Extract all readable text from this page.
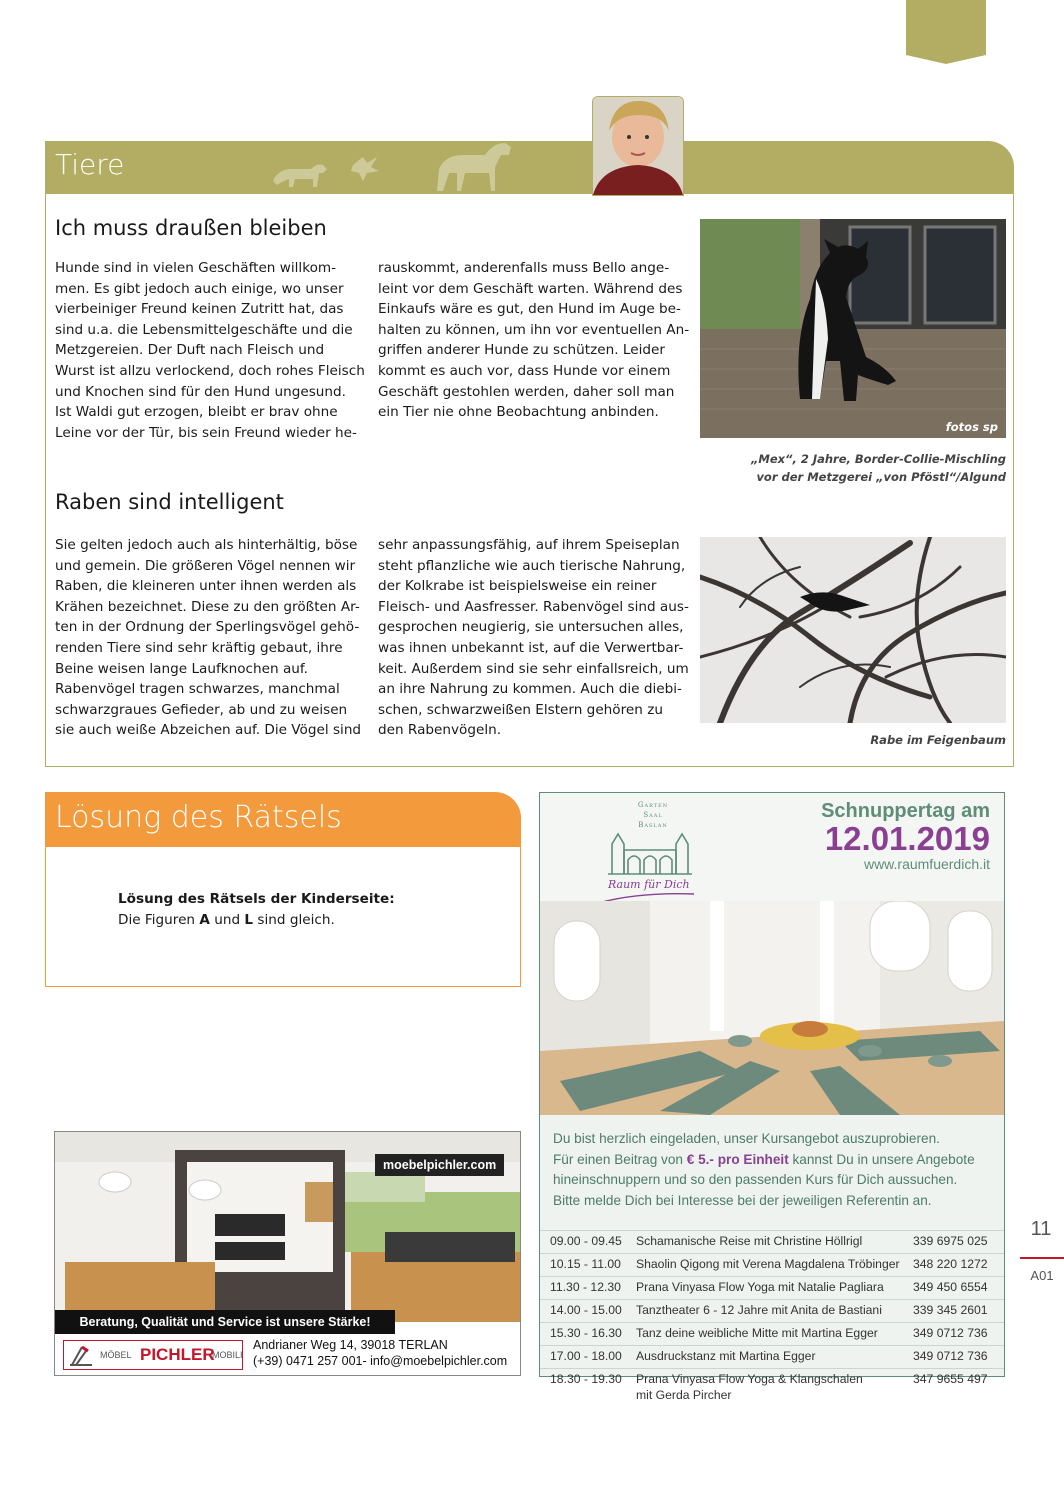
Tiere
Ich muss draußen bleiben
Hunde sind in vielen Geschäften willkom-
men. Es gibt jedoch auch einige, wo unser
vierbeiniger Freund keinen Zutritt hat, das
sind u.a. die Lebensmittelgeschäfte und die
Metzgereien. Der Duft nach Fleisch und
Wurst ist allzu verlockend, doch rohes Fleisch
und Knochen sind für den Hund ungesund.
Ist Waldi gut erzogen, bleibt er brav ohne
Leine vor der Tür, bis sein Freund wieder he-
rauskommt, anderenfalls muss Bello ange-
leint vor dem Geschäft warten. Während des
Einkaufs wäre es gut, den Hund im Auge be-
halten zu können, um ihn vor eventuellen An-
griffen anderer Hunde zu schützen. Leider
kommt es auch vor, dass Hunde vor einem
Geschäft gestohlen werden, daher soll man
ein Tier nie ohne Beobachtung anbinden.
fotos sp
„Mex“, 2 Jahre, Border-Collie-Mischling
vor der Metzgerei „von Pföstl“/Algund
Raben sind intelligent
Sie gelten jedoch auch als hinterhältig, böse
und gemein. Die größeren Vögel nennen wir
Raben, die kleineren unter ihnen werden als
Krähen bezeichnet. Diese zu den größten Ar-
ten in der Ordnung der Sperlingsvögel gehö-
renden Tiere sind sehr kräftig gebaut, ihre
Beine weisen lange Laufknochen auf.
Rabenvögel tragen schwarzes, manchmal
schwarzgraues Gefieder, ab und zu weisen
sie auch weiße Abzeichen auf. Die Vögel sind
sehr anpassungsfähig, auf ihrem Speiseplan
steht pflanzliche wie auch tierische Nahrung,
der Kolkrabe ist beispielsweise ein reiner
Fleisch- und Aasfresser. Rabenvögel sind aus-
gesprochen neugierig, sie untersuchen alles,
was ihnen unbekannt ist, auf die Verwertbar-
keit. Außerdem sind sie sehr einfallsreich, um
an ihre Nahrung zu kommen. Auch die diebi-
schen, schwarzweißen Elstern gehören zu
den Rabenvögeln.
Rabe im Feigenbaum
Lösung des Rätsels
Lösung des Rätsels der Kinderseite:
Die Figuren A und L sind gleich.
Garten
Saal
Baslan
Raum für Dich
Schnuppertag am
12.01.2019
www.raumfuerdich.it
Du bist herzlich eingeladen, unser Kursangebot auszuprobieren.
Für einen Beitrag von € 5.- pro Einheit kannst Du in unsere Angebote
hineinschnuppern und so den passenden Kurs für Dich aussuchen.
Bitte melde Dich bei Interesse bei der jeweiligen Referentin an.
09.00 - 09.45 Schamanische Reise mit Christine Höllrigl	339 6975 025
10.15 - 11.00 Shaolin Qigong mit Verena Magdalena Tröbinger 348 220 1272
11.30 - 12.30 Prana Vinyasa Flow Yoga mit Natalie Pagliara 349 450 6554
14.00 - 15.00 Tanztheater 6 - 12 Jahre mit Anita de Bastiani	339 345 2601
15.30 - 16.30 Tanz deine weibliche Mitte mit Martina Egger	349 0712 736
17.00 - 18.00 Ausdruckstanz mit Martina Egger	349 0712 736
18.30 - 19.30 Prana Vinyasa Flow Yoga & Klangschalen	347 9655 497
mit Gerda Pircher
moebelpichler.com
Beratung, Qualität und Service ist unsere Stärke!
MÖBEL PICHLER
MOBILI
Andrianer Weg 14, 39018 TERLAN
(+39) 0471 257 001- info@moebelpichler.com
11
A01
